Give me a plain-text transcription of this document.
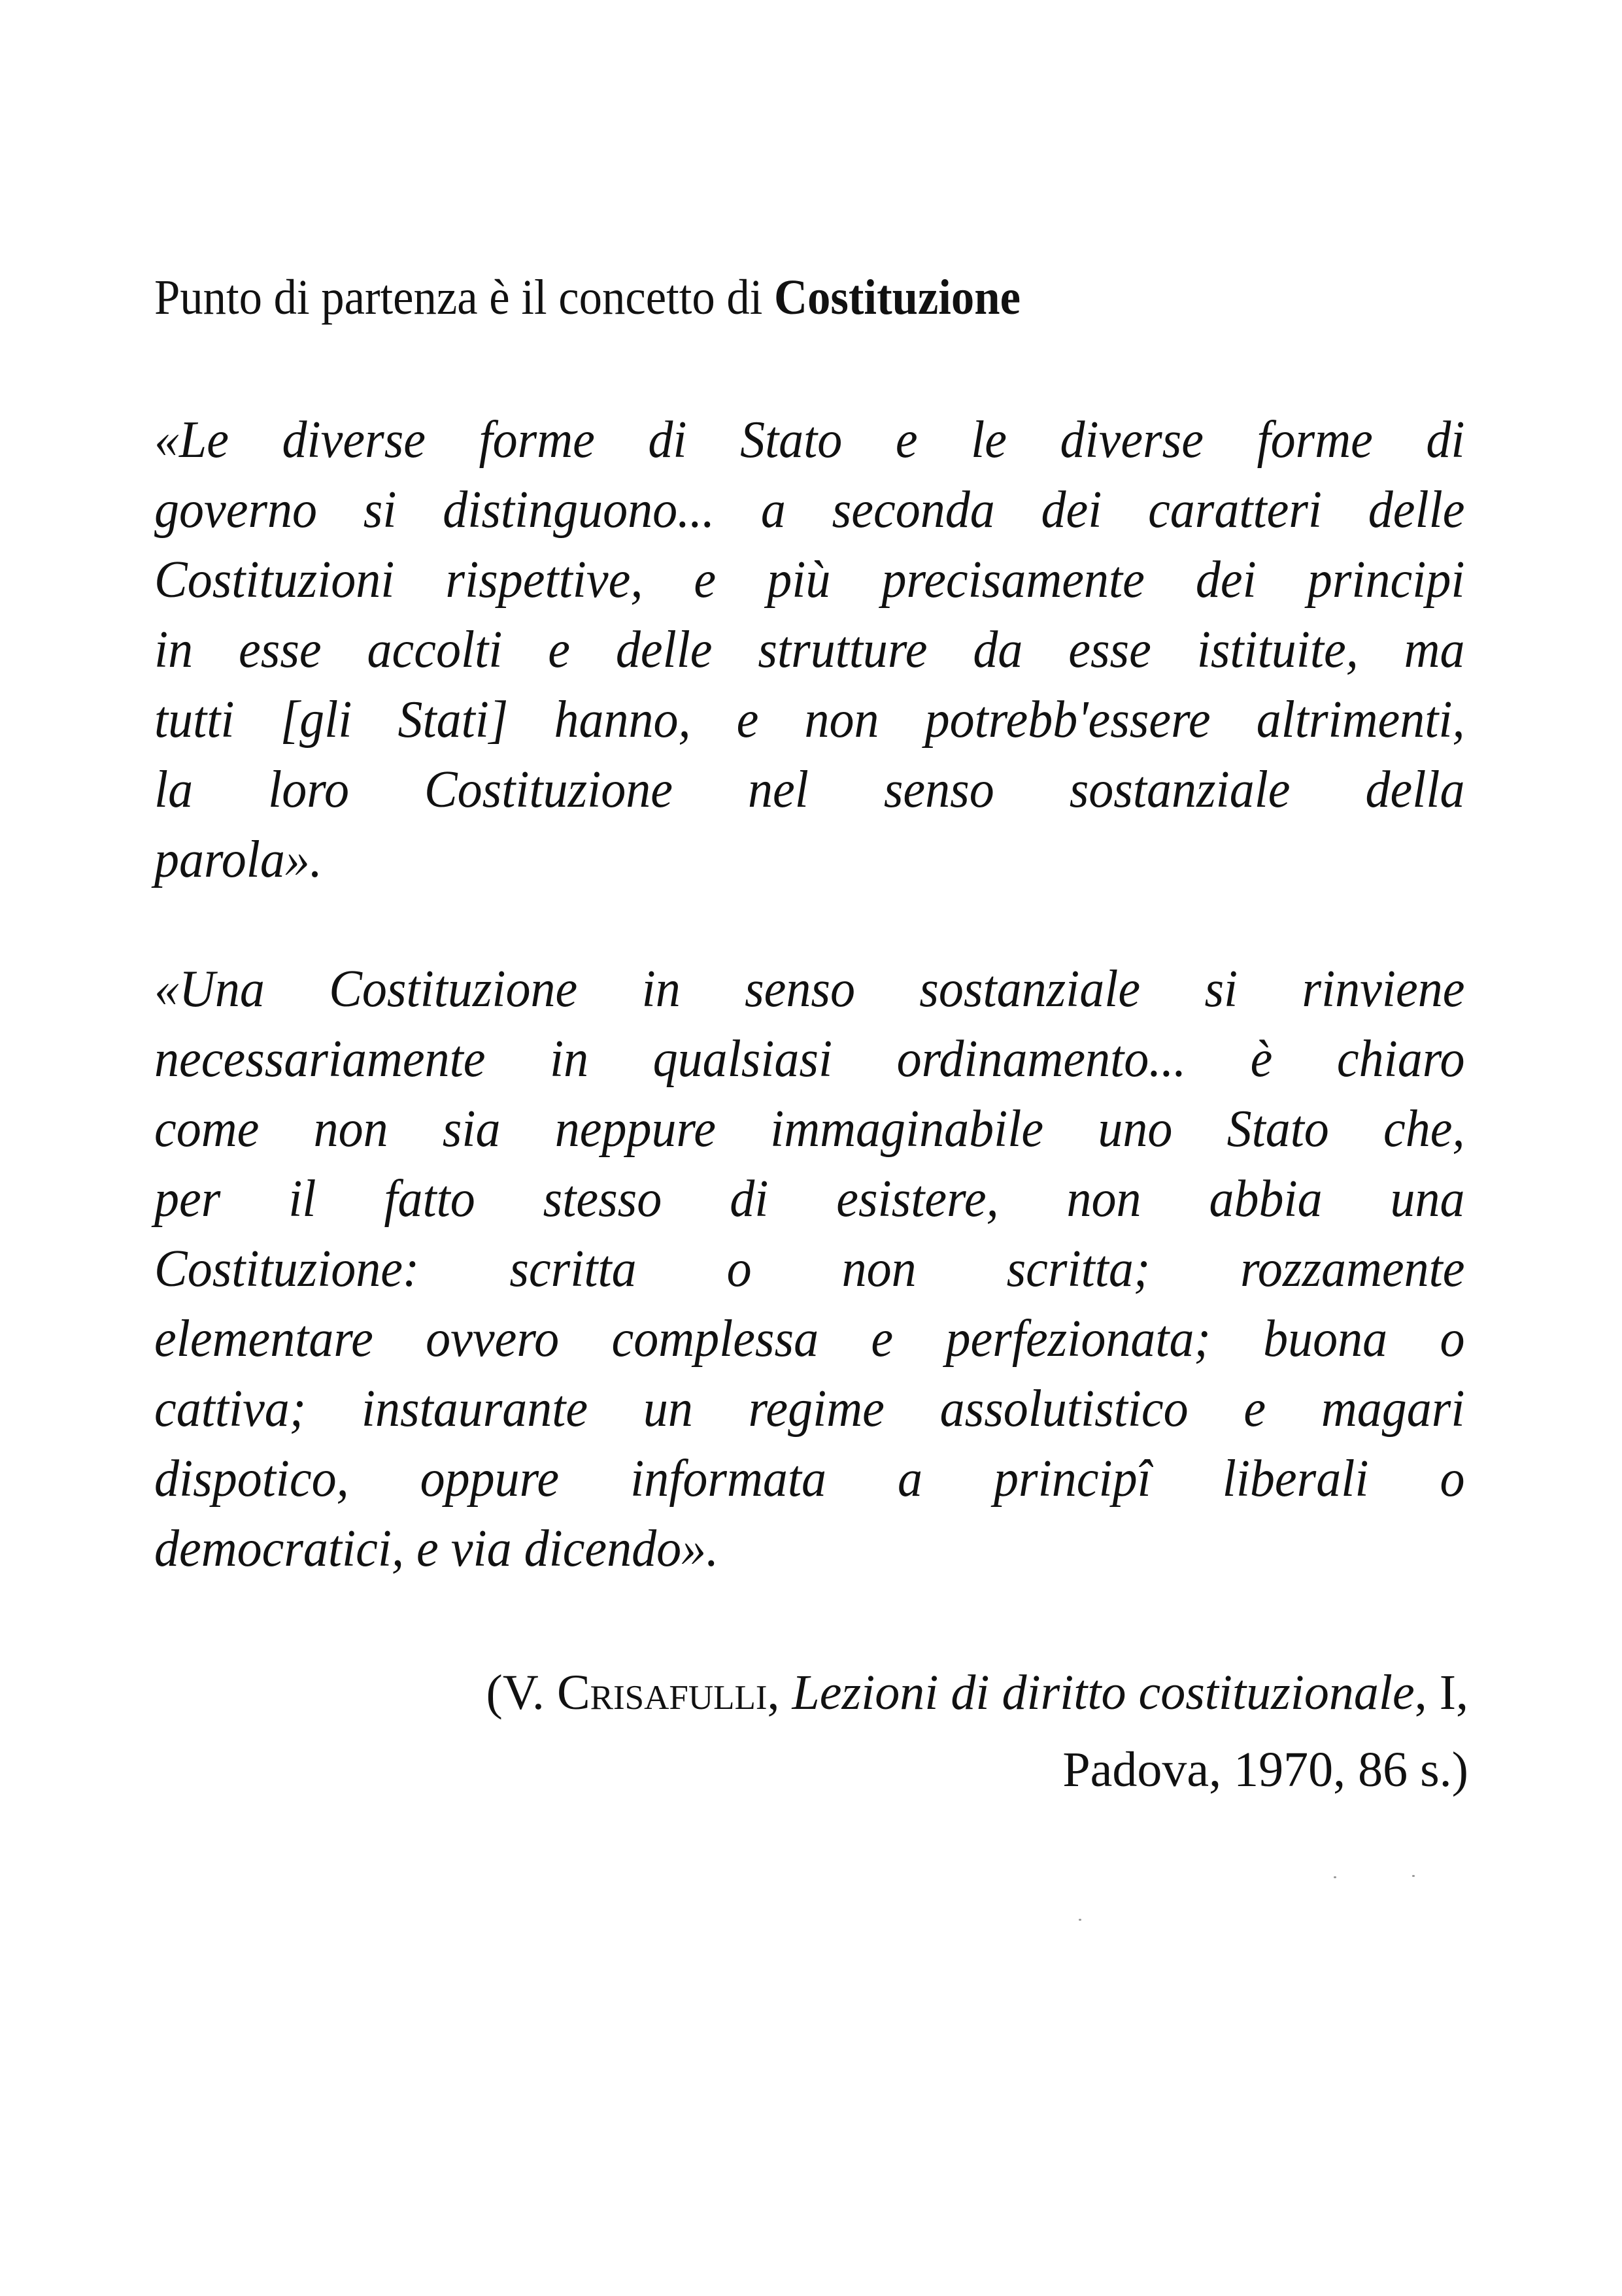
Punto di partenza è il concetto di Costituzione

«Le diverse forme di Stato e le diverse forme di
governo si distinguono... a seconda dei caratteri delle
Costituzioni rispettive, e più precisamente dei principi
in esse accolti e delle strutture da esse istituite, ma
tutti [gli Stati] hanno, e non potrebb'essere altrimenti,
la loro Costituzione nel senso sostanziale della
parola».
«Una Costituzione in senso sostanziale si rinviene
necessariamente in qualsiasi ordinamento... è chiaro
come non sia neppure immaginabile uno Stato che,
per il fatto stesso di esistere, non abbia una
Costituzione: scritta o non scritta; rozzamente
elementare ovvero complessa e perfezionata; buona o
cattiva; instaurante un regime assolutistico e magari
dispotico, oppure informata a principî liberali o
democratici, e via dicendo».
(V. Crisafulli, Lezioni di diritto costituzionale, I,
Padova, 1970, 86 s.)
